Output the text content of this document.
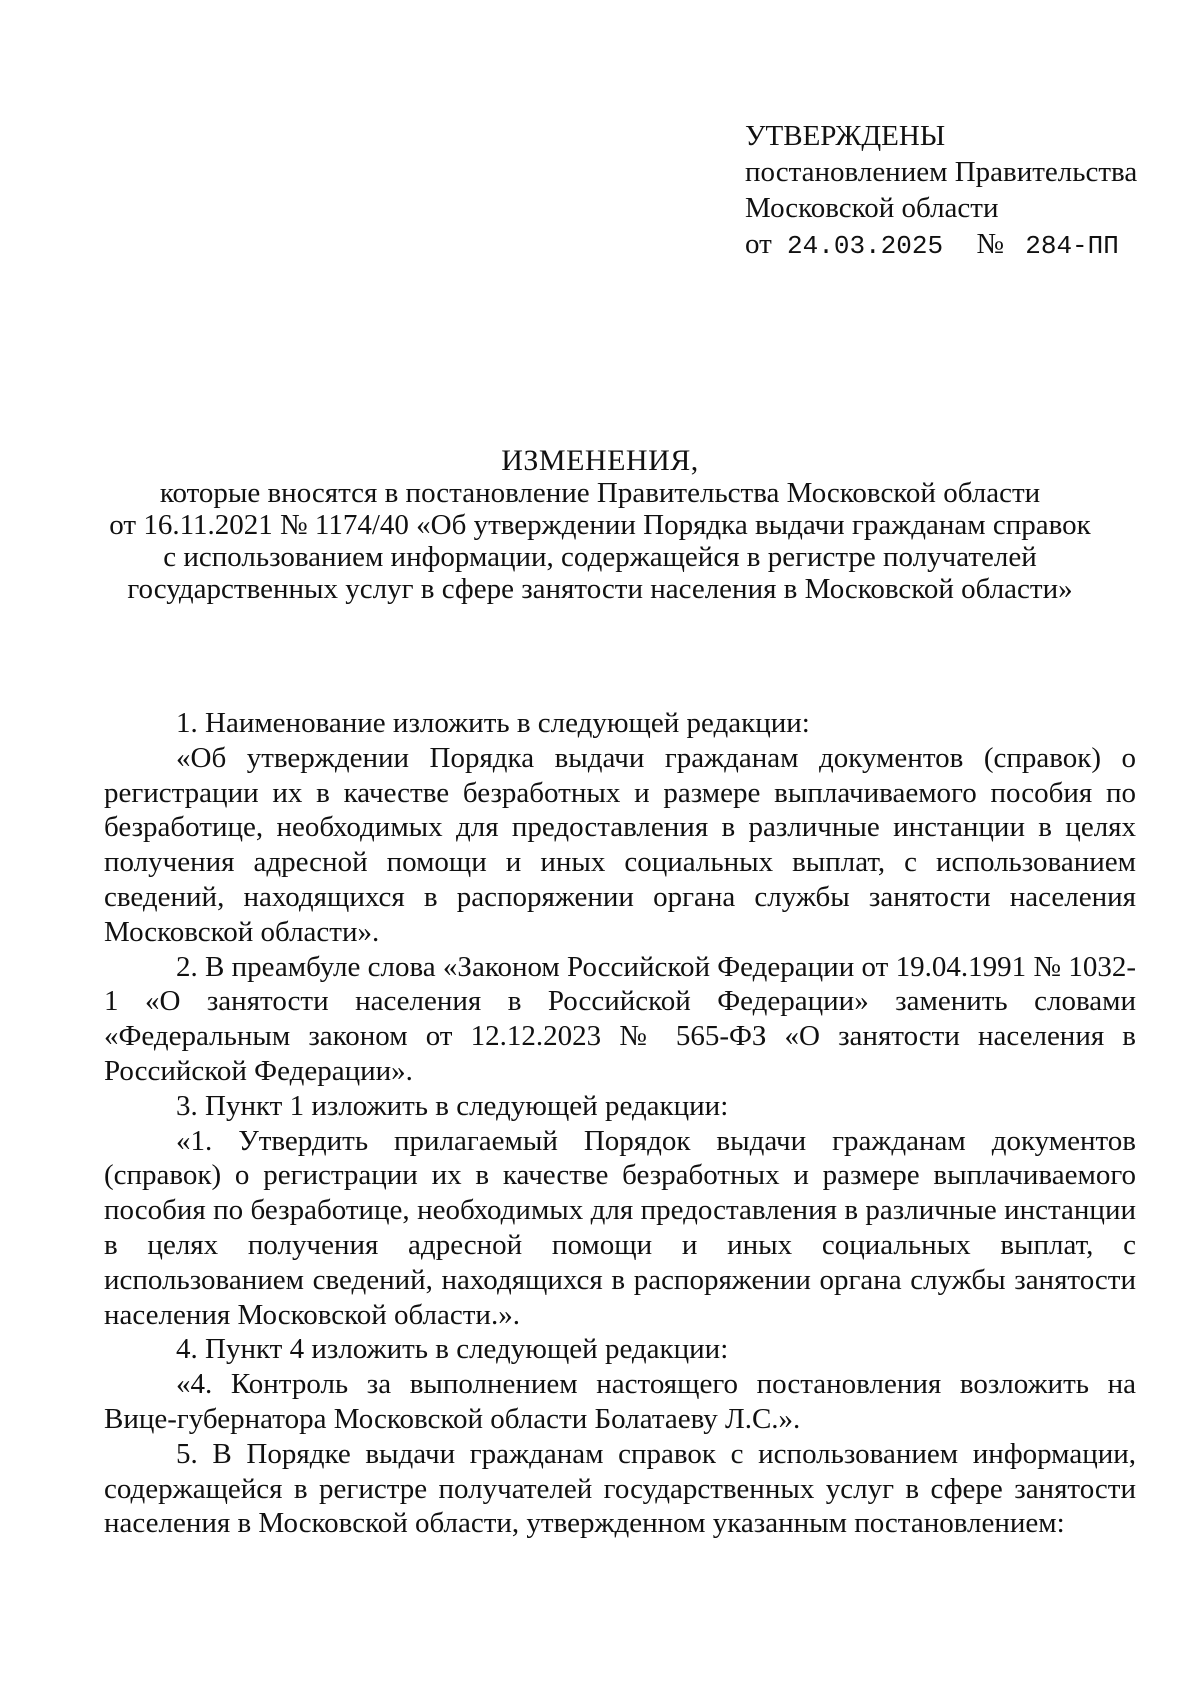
УТВЕРЖДЕНЫ
постановлением Правительства
Московской области
от 24.03.2025 № 284-ПП
ИЗМЕНЕНИЯ,
которые вносятся в постановление Правительства Московской области
от 16.11.2021 № 1174/40 «Об утверждении Порядка выдачи гражданам справок
с использованием информации, содержащейся в регистре получателей
государственных услуг в сфере занятости населения в Московской области»

1. Наименование изложить в следующей редакции:

«Об утверждении Порядка выдачи гражданам документов (справок) о регистрации их в качестве безработных и размере выплачиваемого пособия по безработице, необходимых для предоставления в различные инстанции в целях получения адресной помощи и иных социальных выплат, с использованием сведений, находящихся в распоряжении органа службы занятости населения Московской области».

2. В преамбуле слова «Законом Российской Федерации от 19.04.1991 № 1032-1 «О занятости населения в Российской Федерации» заменить словами «Федеральным законом от 12.12.2023 № 565-ФЗ «О занятости населения в Российской Федерации».

3. Пункт 1 изложить в следующей редакции:

«1. Утвердить прилагаемый Порядок выдачи гражданам документов (справок) о регистрации их в качестве безработных и размере выплачиваемого пособия по безработице, необходимых для предоставления в различные инстанции в целях получения адресной помощи и иных социальных выплат, с использованием сведений, находящихся в распоряжении органа службы занятости населения Московской области.».

4. Пункт 4 изложить в следующей редакции:

«4. Контроль за выполнением настоящего постановления возложить на Вице-губернатора Московской области Болатаеву Л.С.».

5. В Порядке выдачи гражданам справок с использованием информации, содержащейся в регистре получателей государственных услуг в сфере занятости населения в Московской области, утвержденном указанным постановлением:
